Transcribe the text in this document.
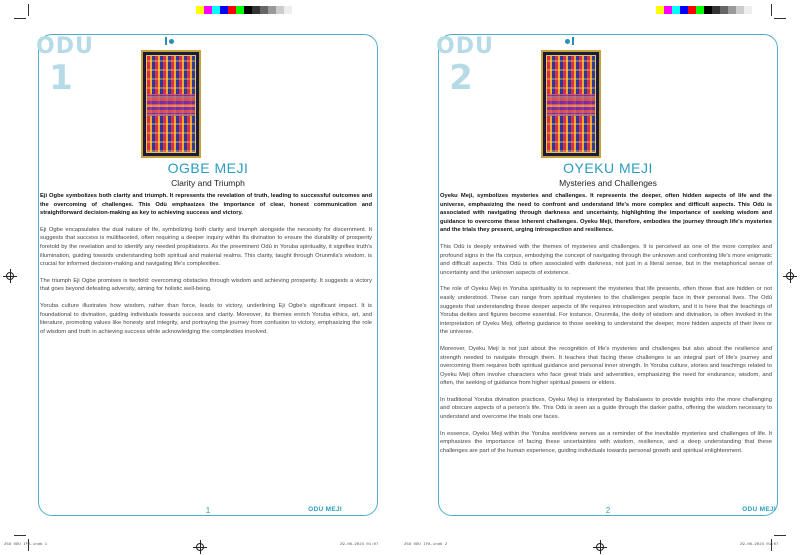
ODU
1
OGBE MEJI
Clarity and Triumph

Eji Ogbe symbolizes both clarity and triumph. It represents the revelation of truth, leading to successful outcomes and the overcoming of challenges. This Odù emphasizes the importance of clear, honest communication and straightforward decision-making as key to achieving success and victory.

Eji Ogbe encapsulates the dual nature of Ife, symbolizing both clarity and triumph alongside the necessity for discernment. It suggests that success is multifaceted, often requiring a deeper inquiry within Ifa divination to ensure the durability of prosperity foretold by the revelation and to identify any needed propitiations. As the preeminent Odù in Yoruba spirituality, it signifies truth's illumination, guiding towards understanding both spiritual and material realms. This clarity, taught through Orunmila's wisdom, is crucial for informed decision-making and navigating life's complexities.

The triumph Eji Ogbe promises is twofold: overcoming obstacles through wisdom and achieving prosperity. It suggests a victory that goes beyond defeating adversity, aiming for holistic well-being.

Yoruba culture illustrates how wisdom, rather than force, leads to victory, underlining Eji Ogbe's significant impact. It is foundational to divination, guiding individuals towards success and clarity. Moreover, its themes enrich Yoruba ethics, art, and literature, promoting values like honesty and integrity, and portraying the journey from confusion to victory, emphasizing the role of wisdom and truth in achieving success while acknowledging the complexities involved.

1	ODU MEJI
256 ODU IFA.indb 1	29-06-2024 01:07
ODU
2
OYEKU MEJI
Mysteries and Challenges

Oyeku Meji, symbolizes mysteries and challenges. It represents the deeper, often hidden aspects of life and the universe, emphasizing the need to confront and understand life's more complex and difficult aspects. This Odù is associated with navigating through darkness and uncertainty, highlighting the importance of seeking wisdom and guidance to overcome these inherent challenges. Oyeku Meji, therefore, embodies the journey through life's mysteries and the trials they present, urging introspection and resilience.

This Odù is deeply entwined with the themes of mysteries and challenges. It is perceived as one of the more complex and profound signs in the Ifa corpus, embodying the concept of navigating through the unknown and confronting life's more enigmatic and difficult aspects. This Odù is often associated with darkness, not just in a literal sense, but in the metaphorical sense of uncertainty and the unknown aspects of existence.

The role of Oyeku Meji in Yoruba spirituality is to represent the mysteries that life presents, often those that are hidden or not easily understood. These can range from spiritual mysteries to the challenges people face in their personal lives. The Odù suggests that understanding these deeper aspects of life requires introspection and wisdom, and it is here that the teachings of Yoruba deities and figures become essential. For instance, Orunmila, the deity of wisdom and divination, is often invoked in the interpretation of Oyeku Meji, offering guidance to those seeking to understand the deeper, more hidden aspects of their lives or the universe.

Moreover, Oyeku Meji is not just about the recognition of life's mysteries and challenges but also about the resilience and strength needed to navigate through them. It teaches that facing these challenges is an integral part of life's journey and overcoming them requires both spiritual guidance and personal inner strength. In Yoruba culture, stories and teachings related to Oyeku Meji often involve characters who face great trials and adversities, emphasizing the need for endurance, wisdom, and often, the seeking of guidance from higher spiritual powers or elders.

In traditional Yoruba divination practices, Oyeku Meji is interpreted by Babalawos to provide insights into the more challenging and obscure aspects of a person's life. This Odù is seen as a guide through the darker paths, offering the wisdom necessary to understand and overcome the trials one faces.

In essence, Oyeku Meji within the Yoruba worldview serves as a reminder of the inevitable mysteries and challenges of life. It emphasizes the importance of facing these uncertainties with wisdom, resilience, and a deep understanding that these challenges are part of the human experience, guiding individuals towards personal growth and spiritual enlightenment.

2	ODU MEJI
256 ODU IFA.indb 2	29-06-2024 01:07
